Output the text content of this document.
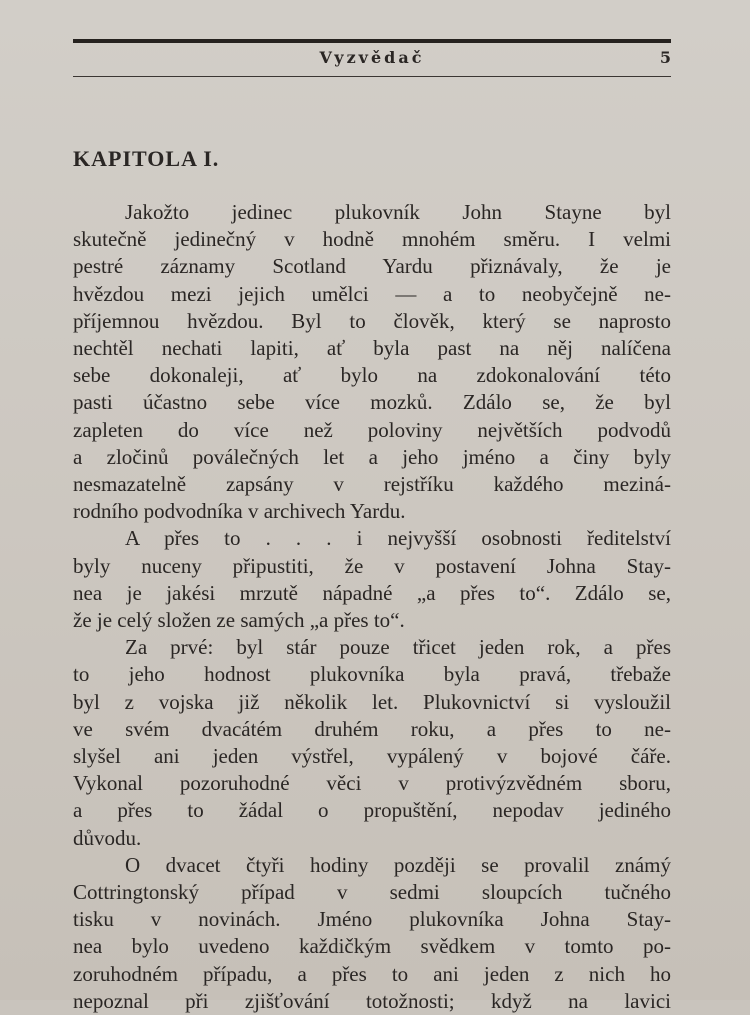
Vyzvědač	5
KAPITOLA I.
Jakožto jedinec plukovník John Stayne byl
skutečně jedinečný v hodně mnohém směru. I velmi
pestré záznamy Scotland Yardu přiznávaly, že je
hvězdou mezi jejich umělci — a to neobyčejně ne-
příjemnou hvězdou. Byl to člověk, který se naprosto
nechtěl nechati lapiti, ať byla past na něj nalíčena
sebe dokonaleji, ať bylo na zdokonalování této
pasti účastno sebe více mozků. Zdálo se, že byl
zapleten do více než poloviny největších podvodů
a zločinů poválečných let a jeho jméno a činy byly
nesmazatelně zapsány v rejstříku každého meziná-
rodního podvodníka v archivech Yardu.
A přes to . . . i nejvyšší osobnosti ředitelství
byly nuceny připustiti, že v postavení Johna Stay-
nea je jakési mrzutě nápadné „a přes to“. Zdálo se,
že je celý složen ze samých „a přes to“.
Za prvé: byl stár pouze třicet jeden rok, a přes
to jeho hodnost plukovníka byla pravá, třebaže
byl z vojska již několik let. Plukovnictví si vysloužil
ve svém dvacátém druhém roku, a přes to ne-
slyšel ani jeden výstřel, vypálený v bojové čáře.
Vykonal pozoruhodné věci v protivýzvědném sboru,
a přes to žádal o propuštění, nepodav jediného
důvodu.
O dvacet čtyři hodiny později se provalil známý
Cottringtonský případ v sedmi sloupcích tučného
tisku v novinách. Jméno plukovníka Johna Stay-
nea bylo uvedeno každičkým svědkem v tomto po-
zoruhodném případu, a přes to ani jeden z nich ho
nepoznal při zjišťování totožnosti; když na lavici
